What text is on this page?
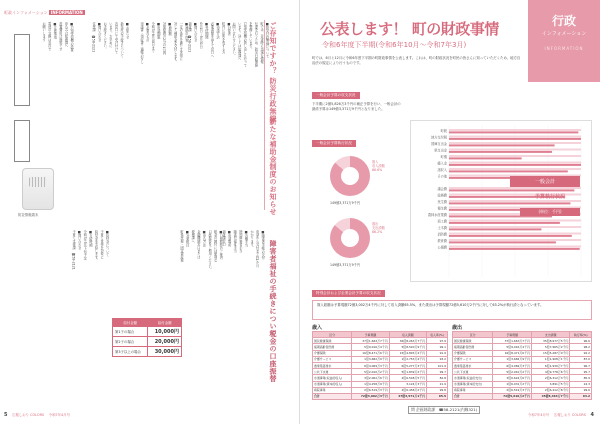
町政インフォメーション INFORMATION
ご存知ですか？ 防災行政無線
新たな補助金制度のお知らせ
障害者福祉の手続きについて
税金の口座振替

■防災行政無線について
町では、災害時に迅速な情報
伝達を行うため、防災行政無線
を整備しています。
戸別受信機の貸し出しも行って
います。詳しくは総務課へ
お問い合わせください。

■対象者
町内に住所を有する方
■申請方法
必要書類を添えて窓口へ
■受付期間
4月1日〜5月31日
■問い合わせ
福祉課　☎58-2121

■補助の内容
一定の条件を満たす世帯に
対して補助金を交付します。
■補助額
対象経費の2分の1以内
■申請期限
令和7年6月30日まで
■必要なもの
申請書・領収書・通帳の写し

■お知らせ
新年度の手続きについて
各窓口にて受け付けて
います。お早めに
お手続きください。
■問い合わせ
住民課　☎58-2121

■戸別受信機の設置
申込みは総務課へ
設置費用は無料です
■注意事項
電池の交換は各自で
お願いします
防災情報端末

■障害者手帳の交付
申請から交付まで約1か月
かかります。
■各種手当
特別障害者手当
障害児福祉手当
■申請場所
福祉課窓口

■口座振替のご案内
税金の納付には便利な
口座振替をご利用ください。
■申込方法
金融機関窓口または
税務課へ
■対象税目
町県民税・固定資産税

■給付金について
子育て世帯を対象に
給付金を支給します。
■支給時期
令和7年5月下旬予定
■問い合わせ
子育て支援課　☎58-2121
給付金額	給付金額
第1子の場合	10,000円
第2子の場合	20,000円
第3子以上の場合	30,000円
5 広報しおり COLORS 令和7年4月号
行政
インフォメーション
INFORMATION
公表します！ 町の財政事情
令和6年度下半期(令和6年10月〜令和7年3月)
町では、6月と12月に令和6年度下半期の町財政事情を公表します。これは、町の財政状況を町民の皆さんに知っていただくため、地方自治法の規定により行うものです。
一般会計予算の収支状況
下半期に2億5,826万3千円の補正予算を行い、一般会計の最終予算は149億3,371万9千円となりました。
歳入
収入済額
86.6%
149億3,371万9千円
歳出
支出済額
86.2%
149億3,371万9千円
一般会計予算執行状況
町税
地方交付税
国庫支出金
県支出金
町債
繰入金
諸収入
その他
議会費
総務費
民生費
衛生費
農林水産業費
商工費
土木費
消防費
教育費
公債費
一般会計
予算執行状況
(単位：千円)
特別会計および企業会計予算の収支状況
歳入総額は予算現額72億3,002万4千円に対して収入済額65.5%、また歳出は予算現額72億5,610万2千円に対して63.2%が執行済となっています。
歳入
区分	予算現額	収入済額	収入率(%)
国民健康保険	37億1,663万7千円	36億8,263万7千円	97.9
後期高齢者医療	5億9,016万4千円	5億8,520万9千円	99.1
介護保険	16億8,471万6千円	15億4,893万4千円	91.9
介護サービス	1億3,682万9千円	1億2,753万4千円	93.2
農業集落排水	6億4,069万3千円	6億5,277万3千円	101.9
公共下水道	5億2,010万2千円	5億1,839万2千円	99.7
水道事業(収益的収入)	3億2,062万6千円	2億6,548万5千円	82.8
水道事業(資本的収入)	1億4,258万9千円	3,124万3千円	21.9
病院事業	2億6,519万3千円	2億6,458万2千円	99.8
合計	72億3,002万4千円	47億3,571万1千円	65.5
歳出
区分	予算現額	支出済額	執行率(%)
国民健康保険	37億1,663万7千円	35億8,977万5千円	96.6
後期高齢者医療	5億9,016万4千円	5億7,965万2千円	98.2
介護保険	16億8,471万6千円	15億5,287万0千円	92.2
介護サービス	1億3,682万9千円	1億1,908万1千円	87.0
農業集落排水	6億4,069万3千円	6億1,930万7千円	96.7
公共下水道	5億2,010万2千円	4億9,778万6千円	95.7
水道事業(収益的支出)	3億0,624万6千円	2億6,312万3千円	85.9
水道事業(資本的支出)	1億6,031万2千円	3,891万5千円	24.3
病院事業	2億6,519万3千円	2億6,412万8千円	99.6
合計	72億5,610万2千円	45億8,463万7千円	63.2
問 企画財政課　☎58-2121(内線321)
令和7年4月号 広報しおり COLORS 4
